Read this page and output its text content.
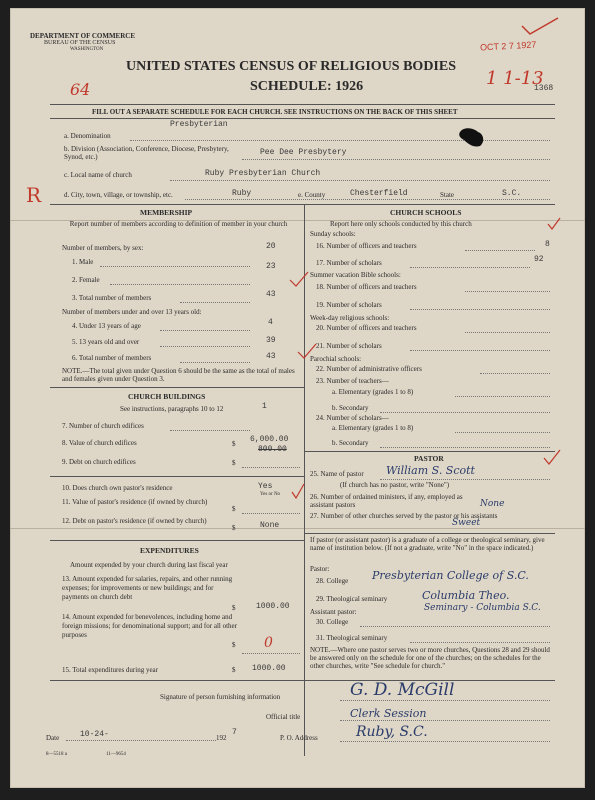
DEPARTMENT OF COMMERCE
BUREAU OF THE CENSUS
WASHINGTON
UNITED STATES CENSUS OF RELIGIOUS BODIES
SCHEDULE: 1926
OCT 2 7 1927
64
1 1-13
1368
R
FILL OUT A SEPARATE SCHEDULE FOR EACH CHURCH. SEE INSTRUCTIONS ON THE BACK OF THIS SHEET
Presbyterian
a. Denomination
b. Division (Association, Conference, Diocese, Presbytery, Synod, etc.)	Pee Dee Presbytery
c. Local name of church	Ruby Presbyterian Church
d. City, town, village, or township, etc.	Ruby	e. County	Chesterfield	State	S.C.
MEMBERSHIP
Report number of members according to definition of member in your church
Number of members, by sex:	20
1. Male	23
2. Female
3. Total number of members	43
Number of members under and over 13 years old:
4. Under 13 years of age	4
5. 13 years old and over	39
6. Total number of members	43
NOTE.—The total given under Question 6 should be the same as the total of males and females given under Question 3.
CHURCH BUILDINGS
See instructions, paragraphs 10 to 12	1
7. Number of church edifices
8. Value of church edifices	$ 6,000.00
800.00
9. Debt on church edifices	$
10. Does church own pastor's residence	Yes
Yes or No
11. Value of pastor's residence (if owned by church)
$
12. Debt on pastor's residence (if owned by church)
$	None
EXPENDITURES
Amount expended by your church during last fiscal year
13. Amount expended for salaries, repairs, and other running expenses; for improvements or new buildings; and for payments on church debt
$	1000.00
14. Amount expended for benevolences, including home and foreign missions; for denominational support; and for all other purposes
$ 0
15. Total expenditures during year	$ 1000.00
CHURCH SCHOOLS
Report here only schools conducted by this church
Sunday schools:
16. Number of officers and teachers	8
17. Number of scholars	92
Summer vacation Bible schools:
18. Number of officers and teachers
19. Number of scholars
Week-day religious schools:
20. Number of officers and teachers
21. Number of scholars
Parochial schools:
22. Number of administrative officers
23. Number of teachers—
a. Elementary (grades 1 to 8)
b. Secondary
24. Number of scholars—
a. Elementary (grades 1 to 8)
b. Secondary
PASTOR
25. Name of pastor William S. Scott
(If church has no pastor, write "None")
26. Number of ordained ministers, if any, employed as assistant pastors	None
27. Number of other churches served by the pastor or his assistants
Sweet
If pastor (or assistant pastor) is a graduate of a college or theological seminary, give name of institution below. (If not a graduate, write "No" in the space indicated.)
Pastor:
28. College Presbyterian College of S.C.
29. Theological seminary	Columbia Theo.
Seminary - Columbia S.C.
Assistant pastor:
30. College
31. Theological seminary
NOTE.—Where one pastor serves two or more churches, Questions 28 and 29 should be answered only on the schedule for one of the churches; on the schedules for the other churches, write "See schedule for church."
Signature of person furnishing information	G. D. McGill
Official title	Clerk Session
Date	10-24-	192
7
P. O. Address	Ruby, S.C.
8—5518 a	11—9654
